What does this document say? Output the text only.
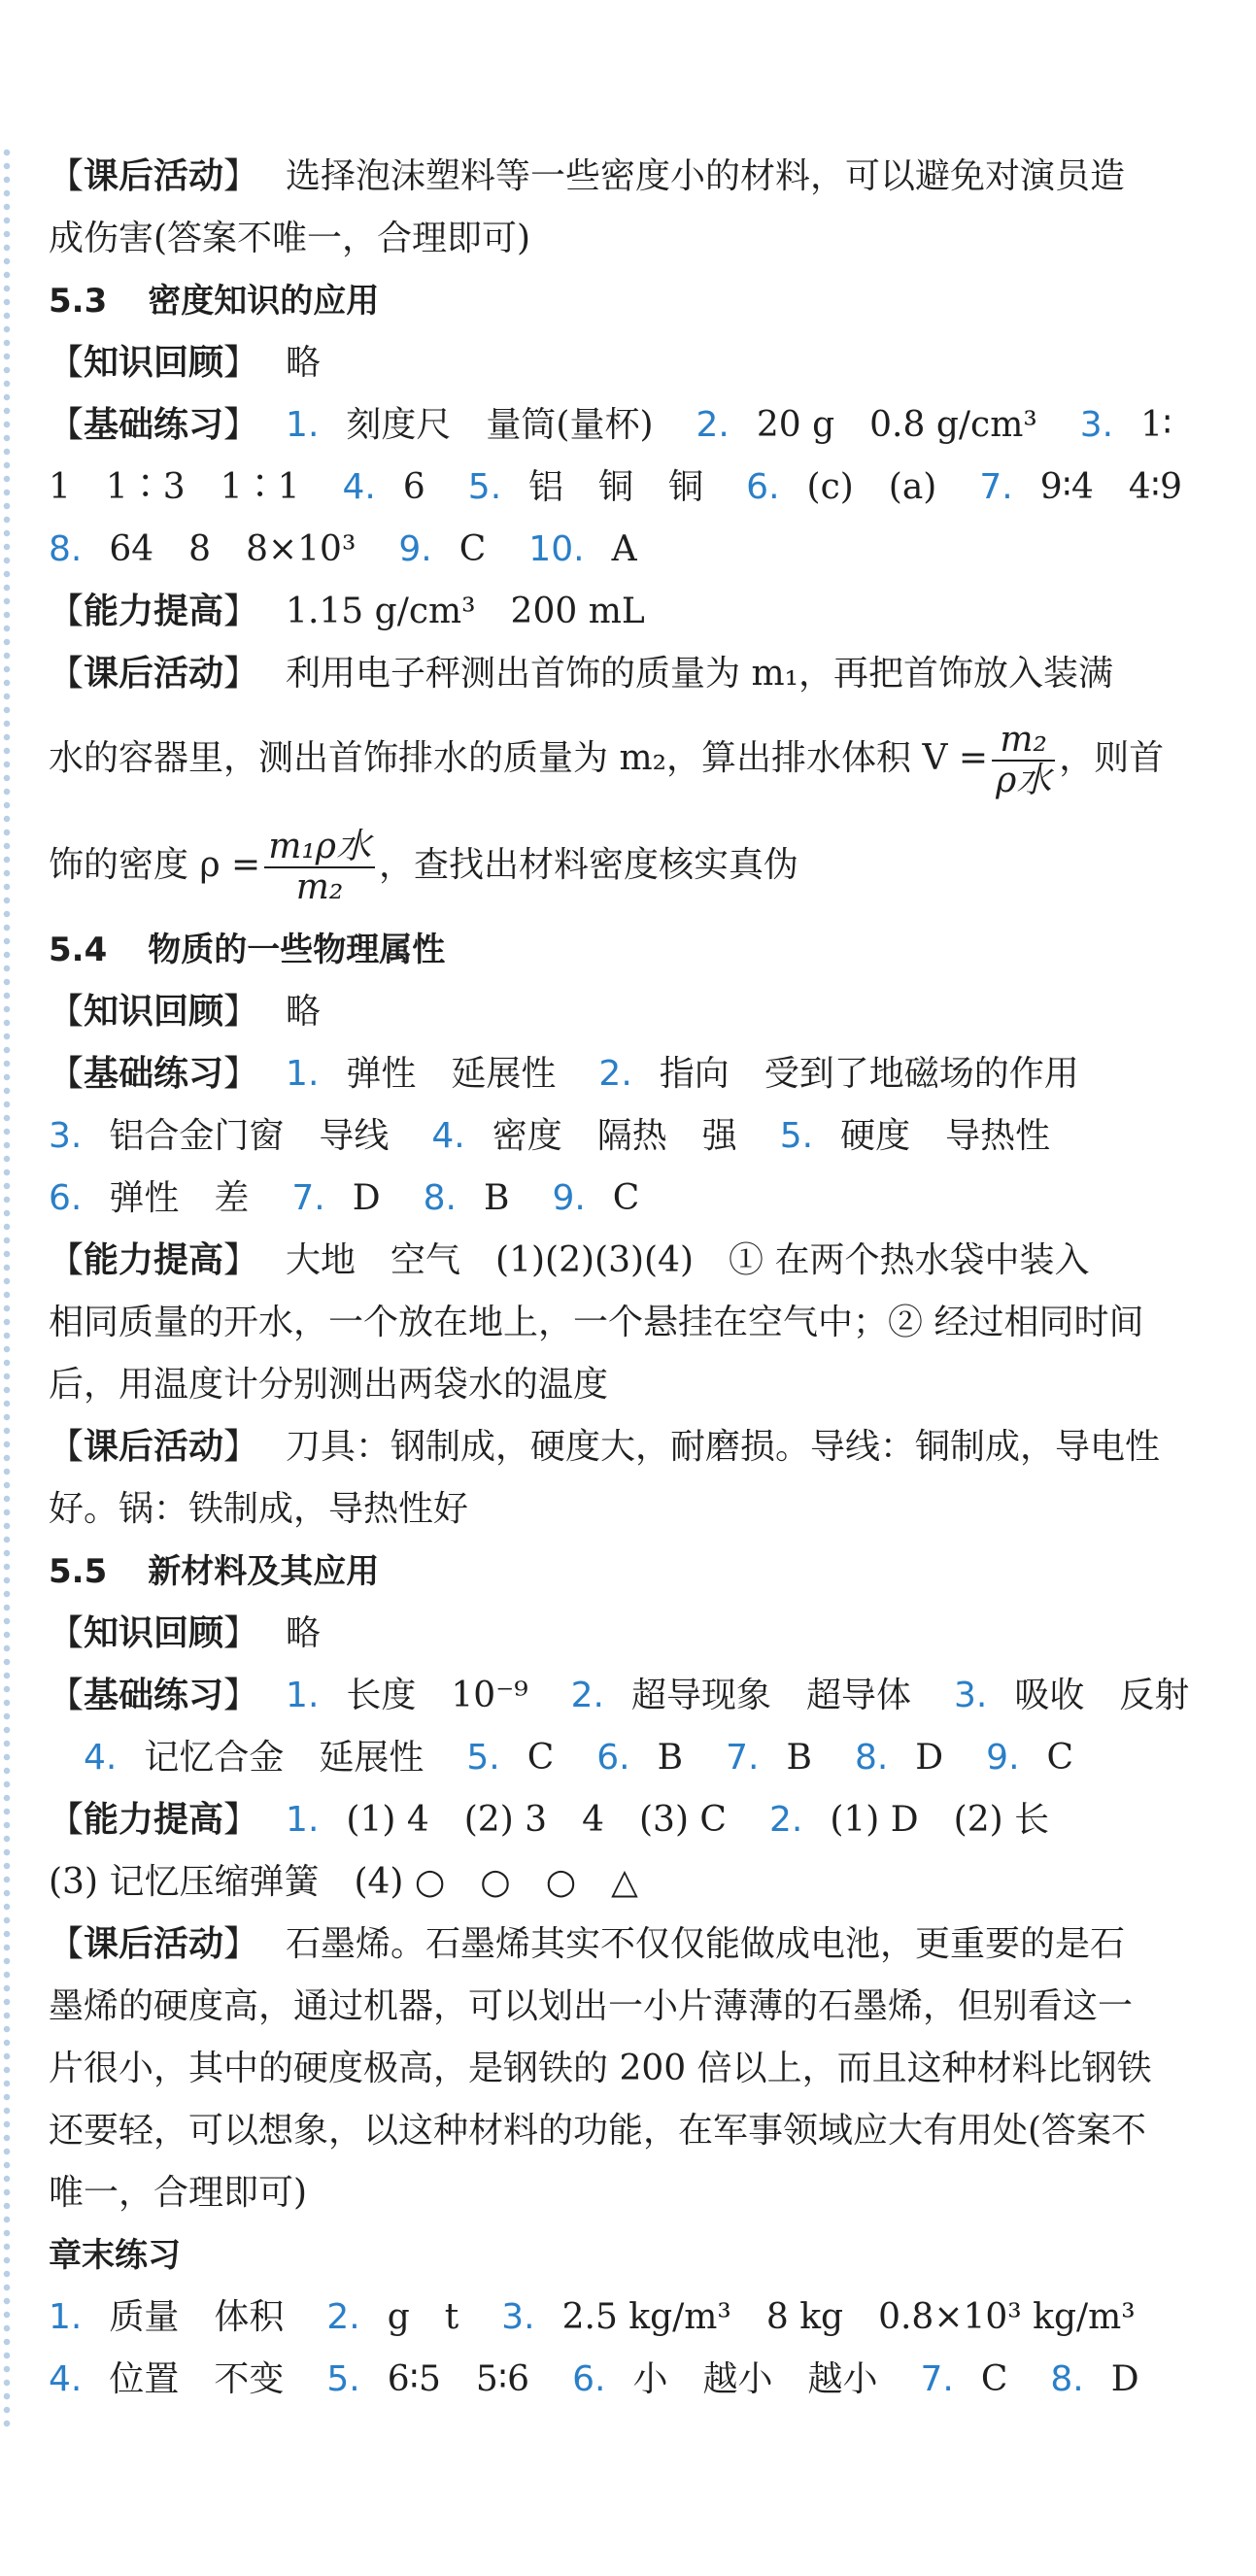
【课后活动】 选择泡沫塑料等一些密度小的材料，可以避免对演员造
成伤害(答案不唯一，合理即可)
5.3 密度知识的应用
【知识回顾】 略
【基础练习】 1. 刻度尺　量筒(量杯) 2. 20 g　0.8 g/cm³ 3. 1∶
1　1∶3　1∶1 4. 6 5. 铝　铜　铜 6. (c)　(a) 7. 9∶4　4∶9
8. 64　8　8×10³ 9. C 10. A
【能力提高】 1.15 g/cm³　200 mL
【课后活动】 利用电子秤测出首饰的质量为 m₁，再把首饰放入装满
水的容器里，测出首饰排水的质量为 m₂，算出排水体积 $V = \frac{\text{m₂}}{\text{ρ水}}$ ，则首
饰的密度 $\rho = \frac{\text{m₁ρ水}}{\text{m₂}}$ ，查找出材料密度核实真伪
5.4 物质的一些物理属性
【知识回顾】 略
【基础练习】 1. 弹性　延展性 2. 指向　受到了地磁场的作用
3. 铝合金门窗　导线 4. 密度　隔热　强 5. 硬度　导热性
6. 弹性　差 7. D 8. B 9. C
【能力提高】 大地　空气　(1)(2)(3)(4)　① 在两个热水袋中装入
相同质量的开水，一个放在地上，一个悬挂在空气中；② 经过相同时间
后，用温度计分别测出两袋水的温度
【课后活动】 刀具：钢制成，硬度大，耐磨损。导线：铜制成，导电性
好。锅：铁制成，导热性好
5.5 新材料及其应用
【知识回顾】 略
【基础练习】 1. 长度　10⁻⁹ 2. 超导现象　超导体 3. 吸收　反射
4. 记忆合金　延展性 5. C 6. B 7. B 8. D 9. C
【能力提高】 1. (1) 4　(2) 3　4　(3) C 2. (1) D　(2) 长
(3) 记忆压缩弹簧　(4) ○　○　○　△
【课后活动】 石墨烯。石墨烯其实不仅仅能做成电池，更重要的是石
墨烯的硬度高，通过机器，可以划出一小片薄薄的石墨烯，但别看这一
片很小，其中的硬度极高，是钢铁的 200 倍以上，而且这种材料比钢铁
还要轻，可以想象，以这种材料的功能，在军事领域应大有用处(答案不
唯一，合理即可)
章末练习
1. 质量　体积 2. g　t 3. 2.5 kg/m³　8 kg　0.8×10³ kg/m³
4. 位置　不变 5. 6∶5　5∶6 6. 小　越小　越小 7. C 8. D
